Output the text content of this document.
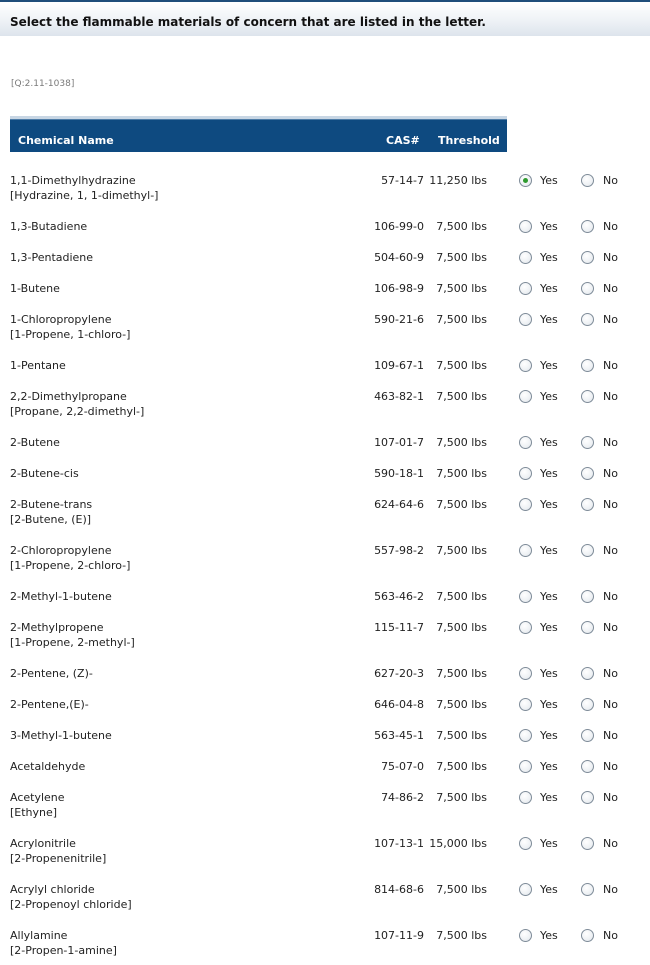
Select the flammable materials of concern that are listed in the letter.
[Q:2.11-1038]
Chemical Name	CAS# Threshold
1,1-Dimethylhydrazine
[Hydrazine, 1, 1-dimethyl-]
57-14-7 11,250 lbs	Yes	No
1,3-Butadiene	106-99-0 7,500 lbs	Yes	No
1,3-Pentadiene	504-60-9 7,500 lbs	Yes	No
1-Butene	106-98-9 7,500 lbs	Yes	No
1-Chloropropylene
[1-Propene, 1-chloro-]
590-21-6 7,500 lbs	Yes	No
1-Pentane	109-67-1 7,500 lbs	Yes	No
2,2-Dimethylpropane
[Propane, 2,2-dimethyl-]
463-82-1 7,500 lbs	Yes	No
2-Butene	107-01-7 7,500 lbs	Yes	No
2-Butene-cis	590-18-1 7,500 lbs	Yes	No
2-Butene-trans
[2-Butene, (E)]
624-64-6 7,500 lbs	Yes	No
2-Chloropropylene
[1-Propene, 2-chloro-]
557-98-2 7,500 lbs	Yes	No
2-Methyl-1-butene	563-46-2 7,500 lbs	Yes	No
2-Methylpropene
[1-Propene, 2-methyl-]
115-11-7 7,500 lbs	Yes	No
2-Pentene, (Z)-	627-20-3 7,500 lbs	Yes	No
2-Pentene,(E)-	646-04-8 7,500 lbs	Yes	No
3-Methyl-1-butene	563-45-1 7,500 lbs	Yes	No
Acetaldehyde	75-07-0 7,500 lbs	Yes	No
Acetylene
[Ethyne]
74-86-2 7,500 lbs	Yes	No
Acrylonitrile
[2-Propenenitrile]
107-13-1 15,000 lbs	Yes	No
Acrylyl chloride
[2-Propenoyl chloride]
814-68-6 7,500 lbs	Yes	No
Allylamine
[2-Propen-1-amine]
107-11-9 7,500 lbs	Yes	No
